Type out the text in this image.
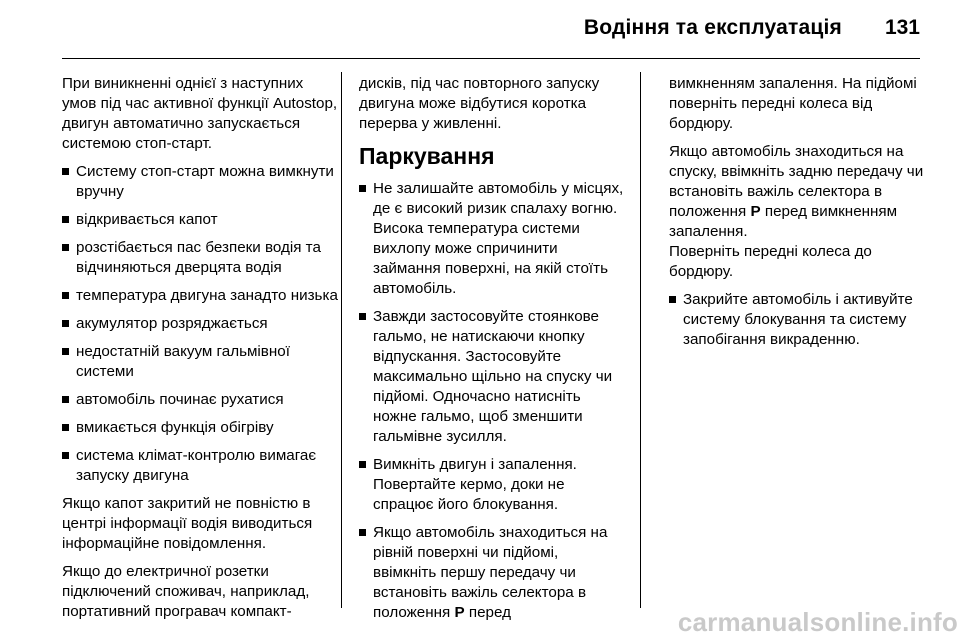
Водіння та експлуатація 131

При виникненні однієї з наступних умов під час активної функції Autostop, двигун автоматично запускається системою стоп-старт.

Систему стоп-старт можна вимкнути вручну
відкривається капот
розстібається пас безпеки водія та відчиняються дверцята водія
температура двигуна занадто низька
акумулятор розряджається
недостатній вакуум гальмівної системи
автомобіль починає рухатися
вмикається функція обігріву
система клімат-контролю вимагає запуску двигуна

Якщо капот закритий не повністю в центрі інформації водія виводиться інформаційне повідомлення.

Якщо до електричної розетки підключений споживач, наприклад, портативний програвач компакт-

дисків, під час повторного запуску двигуна може відбутися коротка перерва у живленні.

Паркування
Не залишайте автомобіль у місцях, де є високий ризик спалаху вогню. Висока температура системи вихлопу може спричинити займання поверхні, на якій стоїть автомобіль.
Завжди застосовуйте стоянкове гальмо, не натискаючи кнопку відпускання. Застосовуйте максимально щільно на спуску чи підйомі. Одночасно натисніть ножне гальмо, щоб зменшити гальмівне зусилля.
Вимкніть двигун і запалення. Повертайте кермо, доки не спрацює його блокування.
Якщо автомобіль знаходиться на рівній поверхні чи підйомі, ввімкніть першу передачу чи встановіть важіль селектора в положення P перед

вимкненням запалення. На підйомі поверніть передні колеса від бордюру.

Якщо автомобіль знаходиться на спуску, ввімкніть задню передачу чи встановіть важіль селектора в положення P перед вимкненням запалення.
Поверніть передні колеса до бордюру.

Закрийте автомобіль і активуйте систему блокування та систему запобігання викраденню.
carmanualsonline.info
